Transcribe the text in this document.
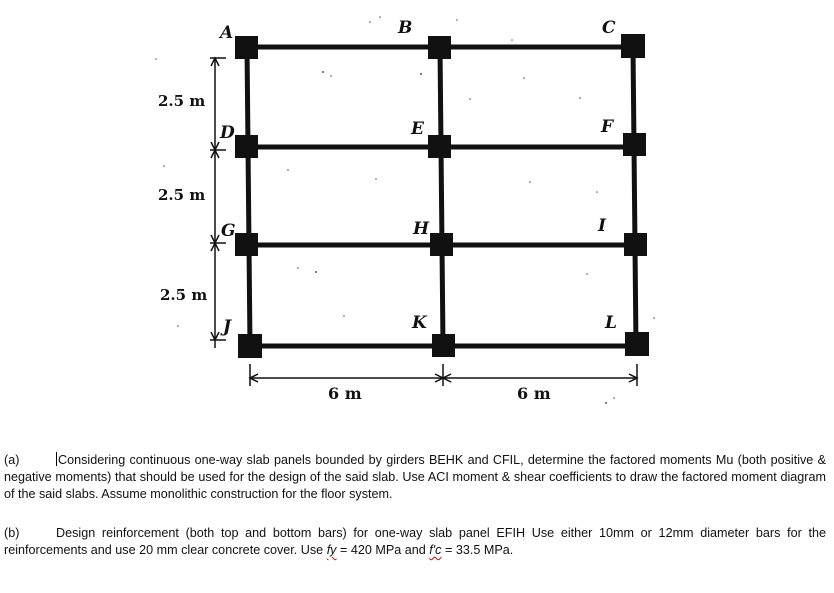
A	B	C
D	E	F
G	H	I
J	K	L
2.5 m
2.5 m
2.5 m
6 m	6 m
(a)	Considering continuous one-way slab panels bounded by girders BEHK and CFIL, determine the factored moments Mu (both positive & negative moments) that should be used for the design of the said slab. Use ACI moment & shear coefficients to draw the factored moment diagram of the said slabs. Assume monolithic construction for the floor system.
(b)	Design reinforcement (both top and bottom bars) for one-way slab panel EFIH Use either 10mm or 12mm diameter bars for the reinforcements and use 20 mm clear concrete cover. Use fy = 420 MPa and f'c = 33.5 MPa.
